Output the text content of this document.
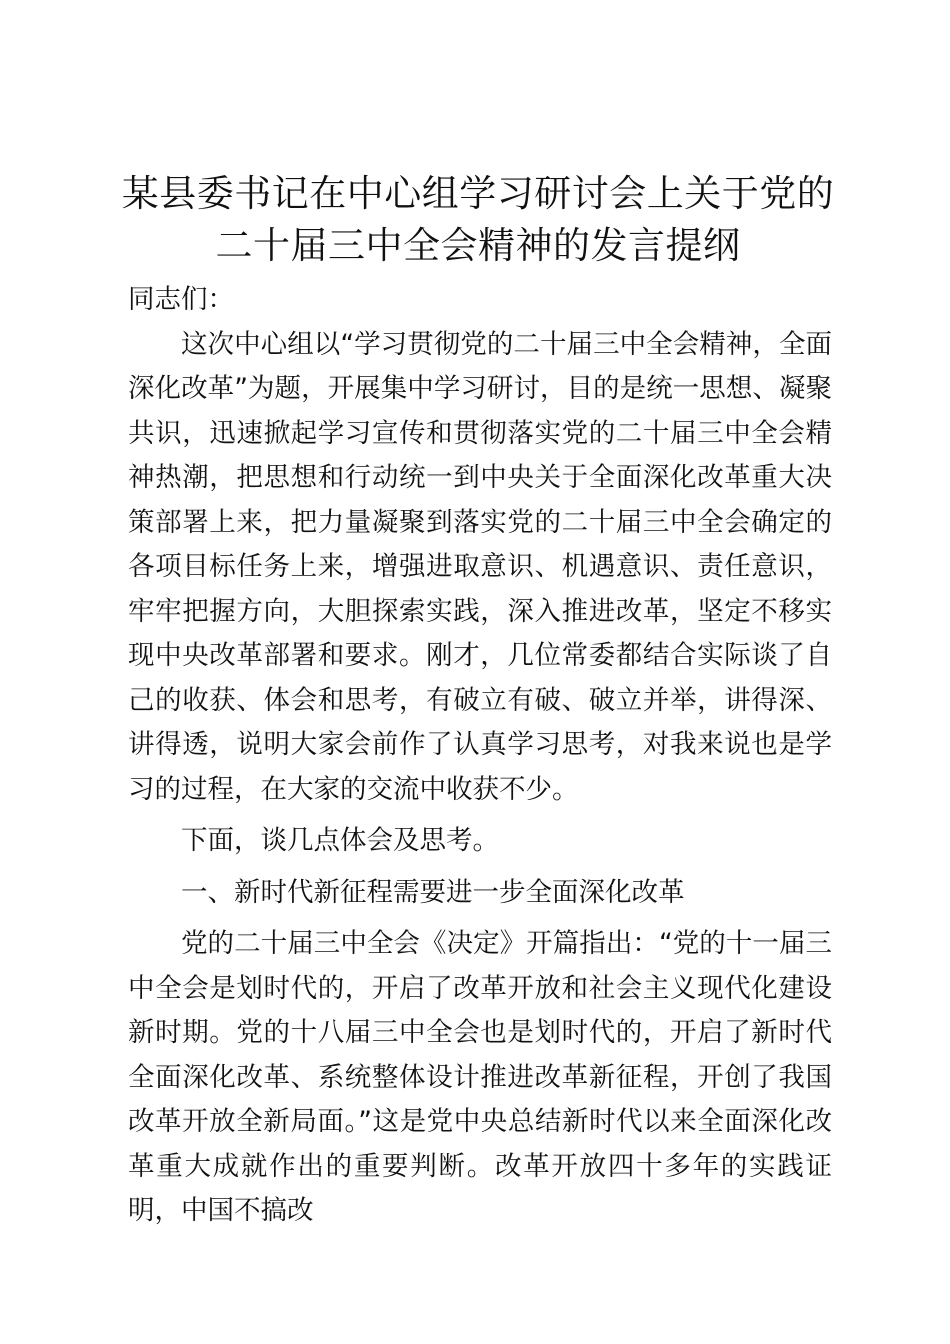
某县委书记在中心组学习研讨会上关于党的二十届三中全会精神的发言提纲

同志们：

这次中心组以“学习贯彻党的二十届三中全会精神，全面深化改革”为题，开展集中学习研讨，目的是统一思想、凝聚共识，迅速掀起学习宣传和贯彻落实党的二十届三中全会精神热潮，把思想和行动统一到中央关于全面深化改革重大决策部署上来，把力量凝聚到落实党的二十届三中全会确定的各项目标任务上来，增强进取意识、机遇意识、责任意识，牢牢把握方向，大胆探索实践，深入推进改革，坚定不移实现中央改革部署和要求。刚才，几位常委都结合实际谈了自己的收获、体会和思考，有破立有破、破立并举，讲得深、讲得透，说明大家会前作了认真学习思考，对我来说也是学习的过程，在大家的交流中收获不少。

下面，谈几点体会及思考。

一、新时代新征程需要进一步全面深化改革

党的二十届三中全会《决定》开篇指出：“党的十一届三中全会是划时代的，开启了改革开放和社会主义现代化建设新时期。党的十八届三中全会也是划时代的，开启了新时代全面深化改革、系统整体设计推进改革新征程，开创了我国改革开放全新局面。”这是党中央总结新时代以来全面深化改革重大成就作出的重要判断。改革开放四十多年的实践证明，中国不搞改
